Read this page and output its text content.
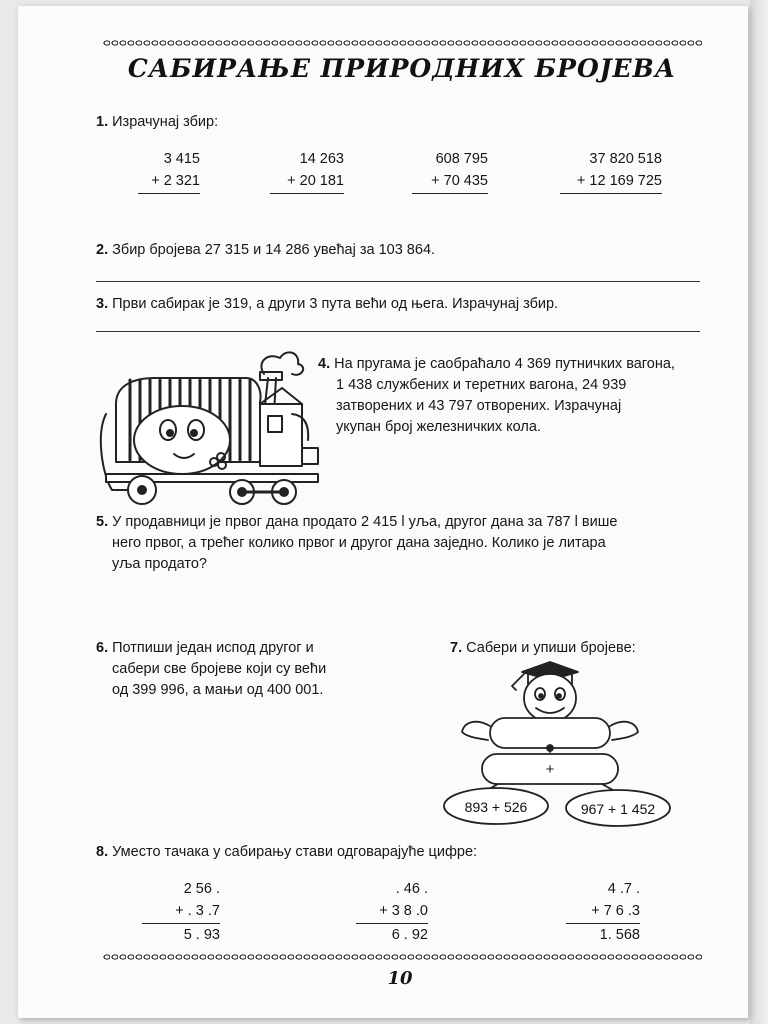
САБИРАЊЕ ПРИРОДНИХ БРОЈЕВА
1. Израчунај збир:
3 415
+ 2 321
14 263
+ 20 181
608 795
+ 70 435
37 820 518
+ 12 169 725
2. Збир бројева 27 315 и 14 286 увећај за 103 864.
3. Први сабирак је 319, а други 3 пута већи од њега. Израчунај збир.
4. На пругама је саобраћало 4 369 путничких вагона,
1 438 службених и теретних вагона, 24 939
затворених и 43 797 отворених. Израчунај
укупан број железничких кола.
5. У продавници је првог дана продато 2 415 l уља, другог дана за 787 l више
него првог, а трећег колико првог и другог дана заједно. Колико је литара
уља продато?
6. Потпиши један испод другог и
сабери све бројеве који су већи
од 399 996, а мањи од 400 001.
7. Сабери и упиши бројеве:
+
893 + 526	967 + 1 452
8. Уместо тачака у сабирању стави одговарајуће цифре:
2 56 .
+ . 3 .7
5 . 93
. 46 .
+ 3 8 .0
6 . 92
4 .7 .
+ 7 6 .3
1. 568
10
